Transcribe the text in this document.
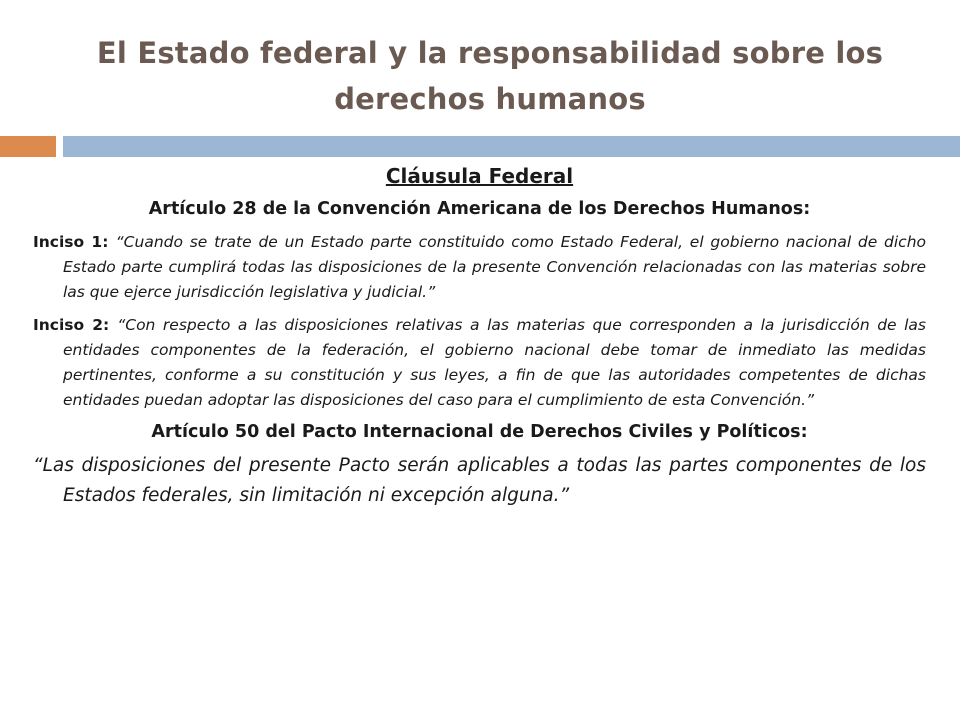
El Estado federal y la responsabilidad sobre los derechos humanos
Cláusula Federal
Artículo 28 de la Convención Americana de los Derechos Humanos:
Inciso 1: “Cuando se trate de un Estado parte constituido como Estado Federal, el gobierno nacional de dicho Estado parte cumplirá todas las disposiciones de la presente Convención relacionadas con las materias sobre las que ejerce jurisdicción legislativa y judicial.”
Inciso 2: “Con respecto a las disposiciones relativas a las materias que corresponden a la jurisdicción de las entidades componentes de la federación, el gobierno nacional debe tomar de inmediato las medidas pertinentes, conforme a su constitución y sus leyes, a fin de que las autoridades competentes de dichas entidades puedan adoptar las disposiciones del caso para el cumplimiento de esta Convención.”
Artículo 50 del Pacto Internacional de Derechos Civiles y Políticos:
“Las disposiciones del presente Pacto serán aplicables a todas las partes componentes de los Estados federales, sin limitación ni excepción alguna.”
